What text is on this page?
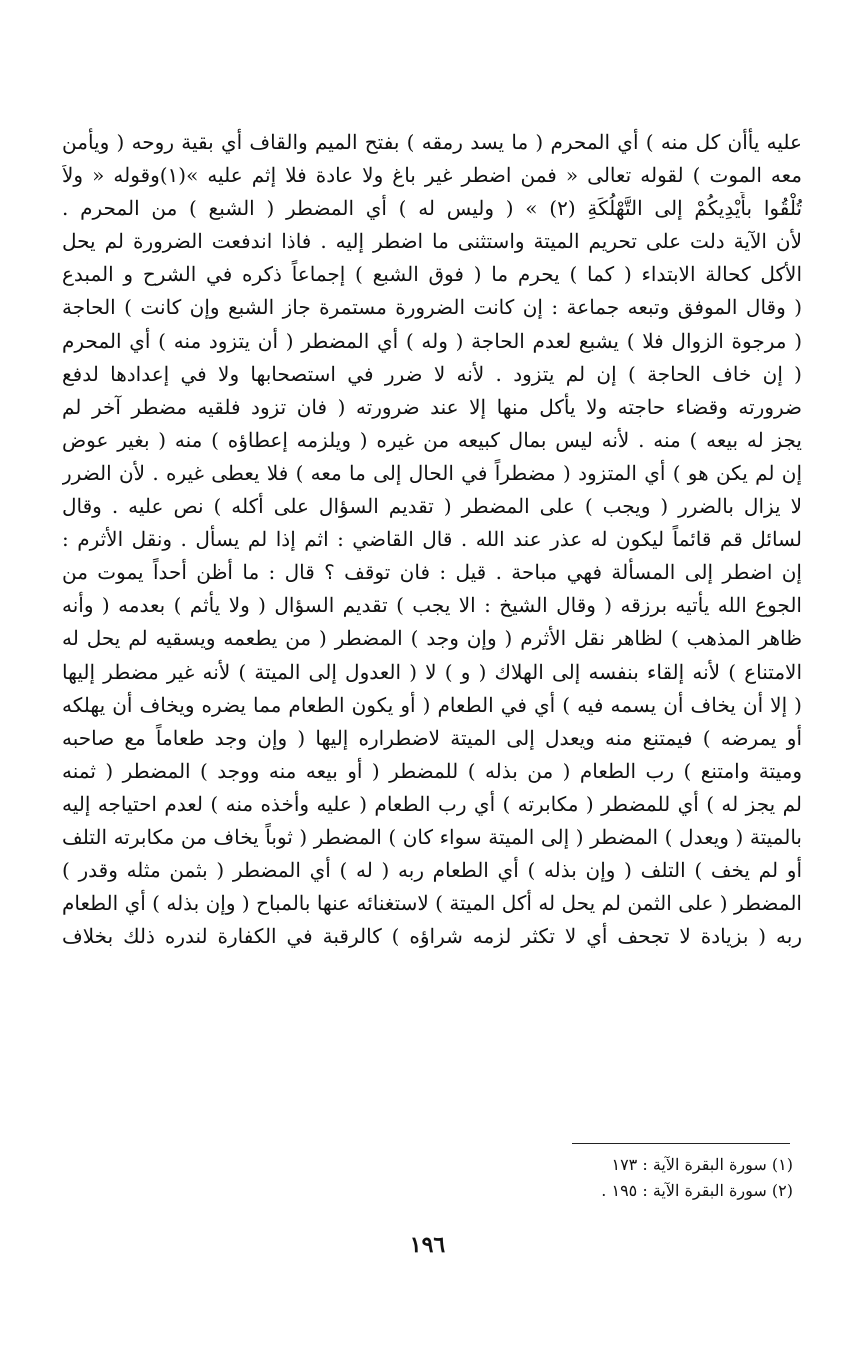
عليه يأأن كل منه ) أي المحرم ( ما يسد رمقه ) بفتح الميم والقاف أي بقية روحه ( ويأمن
معه الموت ) لقوله تعالى « فمن اضطر غير باغ ولا عادة فلا إثم عليه »(١)وقوله « ولاَ
تُلْقُوا بأَيْدِيكُمْ إلى التَّهْلُكَةِ (٢) » ( وليس له ) أي المضطر ( الشبع ) من المحرم .
لأن الآية دلت على تحريم الميتة واستثنى ما اضطر إليه . فاذا اندفعت الضرورة لم يحل
الأكل كحالة الابتداء ( كما ) يحرم ما ( فوق الشبع ) إجماعاً ذكره في الشرح و المبدع
( وقال الموفق وتبعه جماعة : إن كانت الضرورة مستمرة جاز الشبع وإن كانت ) الحاجة
( مرجوة الزوال فلا ) يشبع لعدم الحاجة ( وله ) أي المضطر ( أن يتزود منه ) أي المحرم
( إن خاف الحاجة ) إن لم يتزود . لأنه لا ضرر في استصحابها ولا في إعدادها لدفع
ضرورته وقضاء حاجته ولا يأكل منها إلا عند ضرورته ( فان تزود فلقيه مضطر آخر لم
يجز له بيعه ) منه . لأنه ليس بمال كبيعه من غيره ( ويلزمه إعطاؤه ) منه ( بغير عوض
إن لم يكن هو ) أي المتزود ( مضطراً في الحال إلى ما معه ) فلا يعطى غيره . لأن الضرر
لا يزال بالضرر ( ويجب ) على المضطر ( تقديم السؤال على أكله ) نص عليه . وقال
لسائل قم قائماً ليكون له عذر عند الله . قال القاضي : اثم إذا لم يسأل . ونقل الأثرم :
إن اضطر إلى المسألة فهي مباحة . قيل : فان توقف ؟ قال : ما أظن أحداً يموت من
الجوع الله يأتيه برزقه ( وقال الشيخ : الا يجب ) تقديم السؤال ( ولا يأثم ) بعدمه ( وأنه
ظاهر المذهب ) لظاهر نقل الأثرم ( وإن وجد ) المضطر ( من يطعمه ويسقيه لم يحل له
الامتناع ) لأنه إلقاء بنفسه إلى الهلاك ( و ) لا ( العدول إلى الميتة ) لأنه غير مضطر إليها
( إلا أن يخاف أن يسمه فيه ) أي في الطعام ( أو يكون الطعام مما يضره ويخاف أن يهلكه
أو يمرضه ) فيمتنع منه ويعدل إلى الميتة لاضطراره إليها ( وإن وجد طعاماً مع صاحبه
وميتة وامتنع ) رب الطعام ( من بذله ) للمضطر ( أو بيعه منه ووجد ) المضطر ( ثمنه
لم يجز له ) أي للمضطر ( مكابرته ) أي رب الطعام ( عليه وأخذه منه ) لعدم احتياجه إليه
بالميتة ( ويعدل ) المضطر ( إلى الميتة سواء كان ) المضطر ( ثوباً يخاف من مكابرته التلف
أو لم يخف ) التلف ( وإن بذله ) أي الطعام ربه ( له ) أي المضطر ( بثمن مثله وقدر )
المضطر ( على الثمن لم يحل له أكل الميتة ) لاستغنائه عنها بالمباح ( وإن بذله ) أي الطعام
ربه ( بزيادة لا تجحف أي لا تكثر لزمه شراؤه ) كالرقبة في الكفارة لندره ذلك بخلاف
(١) سورة البقرة الآية : ١٧٣
(٢) سورة البقرة الآية : ١٩٥ .
١٩٦
